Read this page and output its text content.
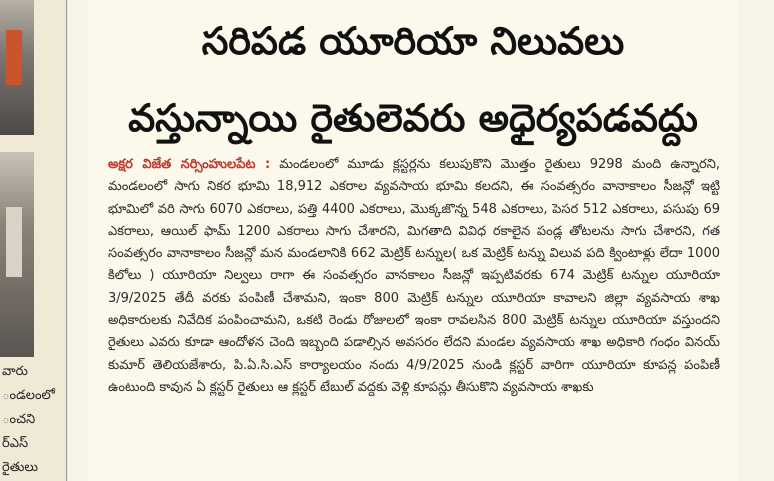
వారు
ండలంలో
ంచని
ర్ఎస్
రైతులు
సరిపడ యూరియా నిలువలు
వస్తున్నాయి రైతులెవరు అధైర్యపడవద్దు
అక్షర విజేత నర్సింహులపేట : మండలంలో మూడు క్లస్టర్లను కలుపుకొని మొత్తం రైతులు 9298 మంది ఉన్నారని, మండలంలో సాగు నికర భూమి 18,912 ఎకరాల వ్యవసాయ భూమి కలదని, ఈ సంవత్సరం వానాకాలం సీజన్లో ఇట్టి భూమిలో వరి సాగు 6070 ఎకరాలు, పత్తి 4400 ఎకరాలు, మొక్కజొన్న 548 ఎకరాలు, పెసర 512 ఎకరాలు, పసుపు 69 ఎకరాలు, ఆయిల్ ఫామ్ 1200 ఎకరాలు సాగు చేశారని, మిగతాది వివిధ రకాలైన పండ్ల తోటలను సాగు చేశారని, గత సంవత్సరం వానాకాలం సీజన్లో మన మండలానికి 662 మెట్రిక్ టన్నుల( ఒక మెట్రిక్ టన్ను విలువ పది క్వింటాళ్లు లేదా 1000 కిలోలు ) యూరియా నిల్వలు రాగా ఈ సంవత్సరం వానకాలం సీజన్లో ఇప్పటివరకు 674 మెట్రిక్ టన్నుల యూరియా 3/9/2025 తేదీ వరకు పంపిణీ చేశామని, ఇంకా 800 మెట్రిక్ టన్నుల యూరియా కావాలని జిల్లా వ్యవసాయ శాఖ అధికారులకు నివేదిక పంపించామని, ఒకటి రెండు రోజులలో ఇంకా రావలసిన 800 మెట్రిక్ టన్నుల యూరియా వస్తుందని రైతులు ఎవరు కూడా ఆందోళన చెంది ఇబ్బంది పడాల్సిన అవసరం లేదని మండల వ్యవసాయ శాఖ అధికారి గంధం వినయ్ కుమార్ తెలియజేశారు, పి.ఏ.సి.ఎస్ కార్యాలయం నందు 4/9/2025 నుండి క్లస్టర్ వారిగా యూరియా కూపన్ల పంపిణీ ఉంటుంది కావున ఏ క్లస్టర్ రైతులు ఆ క్లస్టర్ టేబుల్ వద్దకు వెళ్లి కూపన్లు తీసుకొని వ్యవసాయ శాఖకు
